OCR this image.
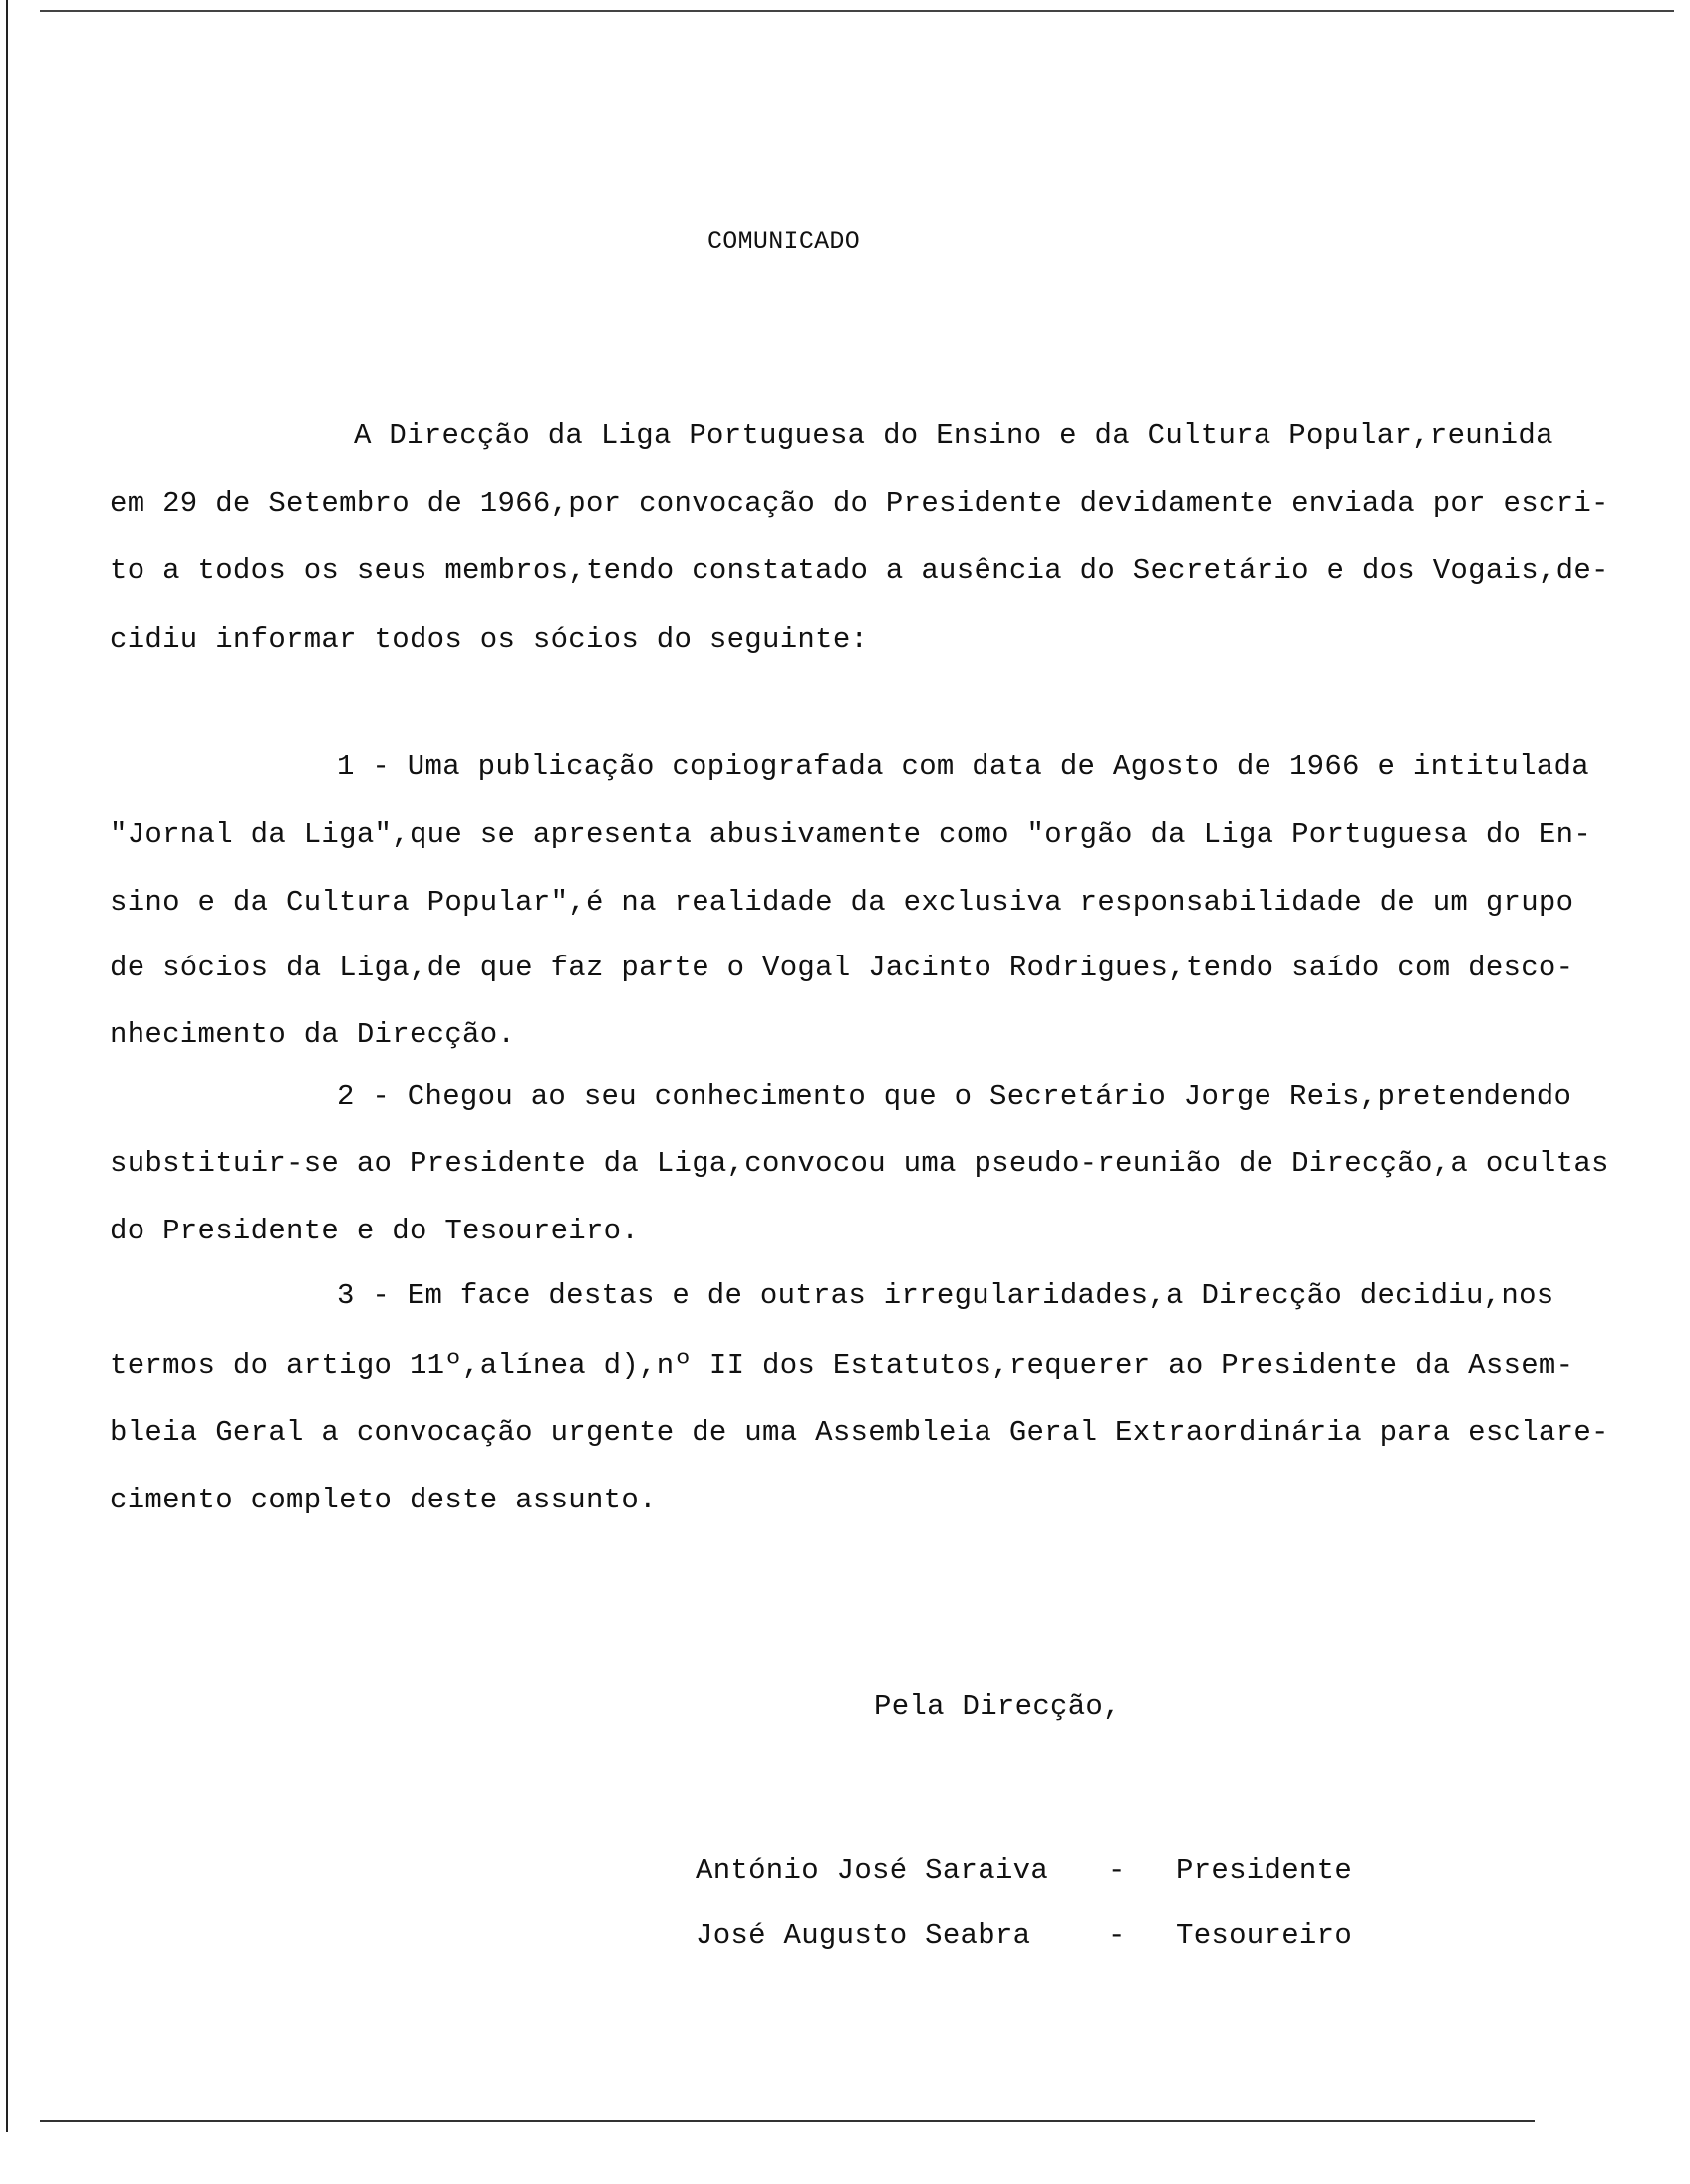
COMUNICADO
A Direcção da Liga Portuguesa do Ensino e da Cultura Popular,reunida
em 29 de Setembro de 1966,por convocação do Presidente devidamente enviada por escri-
to a todos os seus membros,tendo constatado a ausência do Secretário e dos Vogais,de-
cidiu informar todos os sócios do seguinte:
1 - Uma publicação copiografada com data de Agosto de 1966 e intitulada
"Jornal da Liga",que se apresenta abusivamente como "orgão da Liga Portuguesa do En-
sino e da Cultura Popular",é na realidade da exclusiva responsabilidade de um grupo
de sócios da Liga,de que faz parte o Vogal Jacinto Rodrigues,tendo saído com desco-
nhecimento da Direcção.
2 - Chegou ao seu conhecimento que o Secretário Jorge Reis,pretendendo
substituir-se ao Presidente da Liga,convocou uma pseudo-reunião de Direcção,a ocultas
do Presidente e do Tesoureiro.
3 - Em face destas e de outras irregularidades,a Direcção decidiu,nos
termos do artigo 11º,alínea d),nº II dos Estatutos,requerer ao Presidente da Assem-
bleia Geral a convocação urgente de uma Assembleia Geral Extraordinária para esclare-
cimento completo deste assunto.
Pela Direcção,
António José Saraiva - Presidente
José Augusto Seabra	- Tesoureiro
